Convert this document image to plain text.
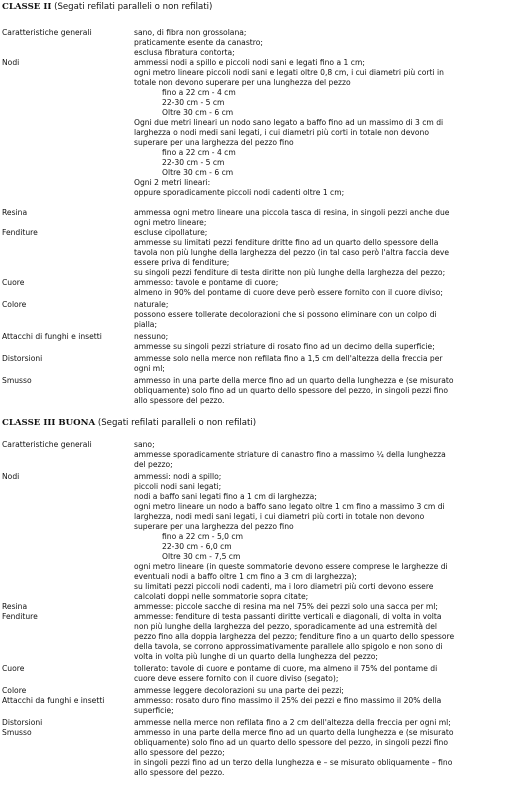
CLASSE II (Segati refilati paralleli o non refilati)
Caratteristiche generali	sano, di fibra non grossolana;
praticamente esente da canastro;
esclusa fibratura contorta;
Nodi	ammessi nodi a spillo e piccoli nodi sani e legati fino a 1 cm;
ogni metro lineare piccoli nodi sani e legati oltre 0,8 cm, i cui diametri più corti in
totale non devono superare per una lunghezza del pezzo
fino a 22 cm - 4 cm
22-30 cm - 5 cm
Oltre 30 cm - 6 cm
Ogni due metri lineari un nodo sano legato a baffo fino ad un massimo di 3 cm di
larghezza o nodi medi sani legati, i cui diametri più corti in totale non devono
superare per una larghezza del pezzo fino
fino a 22 cm - 4 cm
22-30 cm - 5 cm
Oltre 30 cm - 6 cm
Ogni 2 metri lineari:
oppure sporadicamente piccoli nodi cadenti oltre 1 cm;
Resina	ammessa ogni metro lineare una piccola tasca di resina, in singoli pezzi anche due
ogni metro lineare;
Fenditure	escluse cipollature;
ammesse su limitati pezzi fenditure dritte fino ad un quarto dello spessore della
tavola non più lunghe della larghezza del pezzo (in tal caso però l'altra faccia deve
essere priva di fenditure;
su singoli pezzi fenditure di testa diritte non più lunghe della larghezza del pezzo;
Cuore	ammesso: tavole e pontame di cuore;
almeno in 90% del pontame di cuore deve però essere fornito con il cuore diviso;
Colore	naturale;
possono essere tollerate decolorazioni che si possono eliminare con un colpo di
pialla;
Attacchi di funghi e insetti	nessuno;
ammesse su singoli pezzi striature di rosato fino ad un decimo della superficie;
Distorsioni	ammesse solo nella merce non refilata fino a 1,5 cm dell'altezza della freccia per
ogni ml;
Smusso	ammesso in una parte della merce fino ad un quarto della lunghezza e (se misurato
obliquamente) solo fino ad un quarto dello spessore del pezzo, in singoli pezzi fino
allo spessore del pezzo.
CLASSE III BUONA (Segati refilati paralleli o non refilati)
Caratteristiche generali	sano;
ammesse sporadicamente striature di canastro fino a massimo ¼ della lunghezza
del pezzo;
Nodi	ammessi: nodi a spillo;
piccoli nodi sani legati;
nodi a baffo sani legati fino a 1 cm di larghezza;
ogni metro lineare un nodo a baffo sano legato oltre 1 cm fino a massimo 3 cm di
larghezza, nodi medi sani legati, i cui diametri più corti in totale non devono
superare per una larghezza del pezzo fino
fino a 22 cm - 5,0 cm
22-30 cm - 6,0 cm
Oltre 30 cm - 7,5 cm
ogni metro lineare (in queste sommatorie devono essere comprese le larghezze di
eventuali nodi a baffo oltre 1 cm fino a 3 cm di larghezza);
su limitati pezzi piccoli nodi cadenti, ma i loro diametri più corti devono essere
calcolati doppi nelle sommatorie sopra citate;
Resina	ammesse: piccole sacche di resina ma nel 75% dei pezzi solo una sacca per ml;
Fenditure	ammesse: fenditure di testa passanti diritte verticali e diagonali, di volta in volta
non più lunghe della larghezza del pezzo, sporadicamente ad una estremità del
pezzo fino alla doppia larghezza del pezzo; fenditure fino a un quarto dello spessore
della tavola, se corrono approssimativamente parallele allo spigolo e non sono di
volta in volta più lunghe di un quarto della lunghezza del pezzo;
Cuore	tollerato: tavole di cuore e pontame di cuore, ma almeno il 75% del pontame di
cuore deve essere fornito con il cuore diviso (segato);
Colore	ammesse leggere decolorazioni su una parte dei pezzi;
Attacchi da funghi e insetti	ammesso: rosato duro fino massimo il 25% dei pezzi e fino massimo il 20% della
superficie;
Distorsioni	ammesse nella merce non refilata fino a 2 cm dell'altezza della freccia per ogni ml;
Smusso	ammesso in una parte della merce fino ad un quarto della lunghezza e (se misurato
obliquamente) solo fino ad un quarto dello spessore del pezzo, in singoli pezzi fino
allo spessore del pezzo;
in singoli pezzi fino ad un terzo della lunghezza e – se misurato obliquamente – fino
allo spessore del pezzo.
